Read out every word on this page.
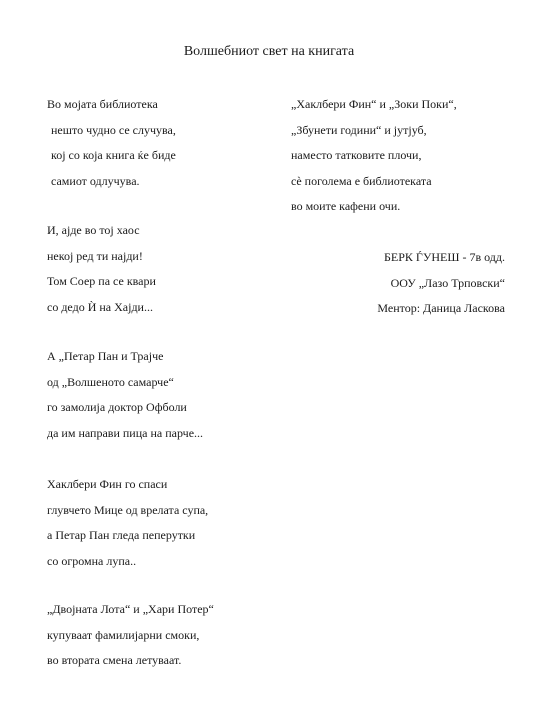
Волшебниот свет на книгата
Во мојата библиотека
нешто чудно се случува,
кој со која книга ќе биде
самиот одлучува.
И, ајде во тој хаос
некој ред ти најди!
Том Соер па се квари
со дедо Ѝ на Хајди...
А „Петар Пан и Трајче
од „Волшеното самарче“
го замолија доктор Офболи
да им направи пица на парче...
Хаклбери Фин го спаси
глувчето Мице од врелата супа,
а Петар Пан гледа пеперутки
со огромна лупа..
„Двојната Лота“ и „Хари Потер“
купуваат фамилијарни смоки,
во втората смена летуваат.
„Хаклбери Фин“ и „Зоки Поки“,
„Збунети години“ и јутјуб,
наместо татковите плочи,
сѐ поголема е библиотеката
во моите кафени очи.
БЕРК ЃУНЕШ - 7в одд.
ООУ „Лазо Трповски“
Ментор: Даница Ласкова
